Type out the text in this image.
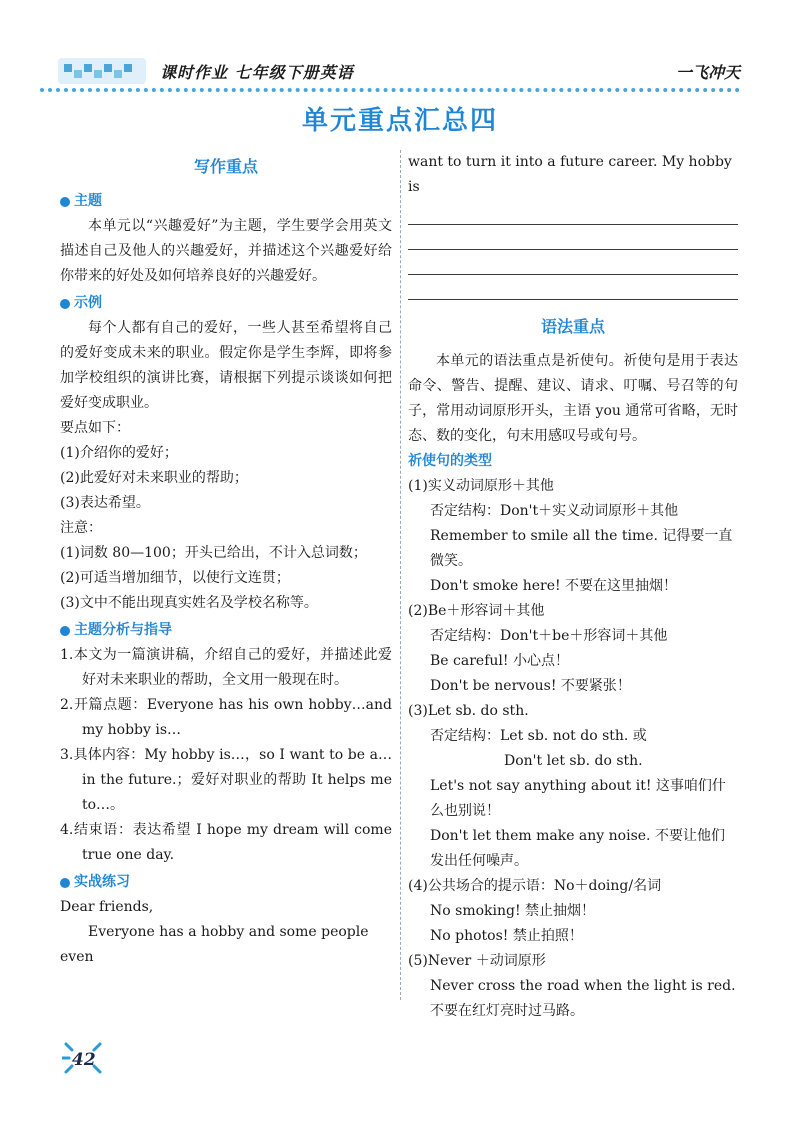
课时作业 七年级下册英语	一飞冲天
单元重点汇总四
写作重点
主题
本单元以“兴趣爱好”为主题，学生要学会用英文描述自己及他人的兴趣爱好，并描述这个兴趣爱好给你带来的好处及如何培养良好的兴趣爱好。
示例
每个人都有自己的爱好，一些人甚至希望将自己的爱好变成未来的职业。假定你是学生李辉，即将参加学校组织的演讲比赛，请根据下列提示谈谈如何把爱好变成职业。
要点如下：
(1)介绍你的爱好；
(2)此爱好对未来职业的帮助；
(3)表达希望。
注意：
(1)词数 80—100；开头已给出，不计入总词数；
(2)可适当增加细节，以使行文连贯；
(3)文中不能出现真实姓名及学校名称等。
主题分析与指导
1.本文为一篇演讲稿，介绍自己的爱好，并描述此爱好对未来职业的帮助，全文用一般现在时。
2.开篇点题：Everyone has his own hobby…and my hobby is…
3.具体内容：My hobby is…，so I want to be a…in the future.；爱好对职业的帮助 It helps me to…。
4.结束语：表达希望 I hope my dream will come true one day.
实战练习
Dear friends,
Everyone has a hobby and some people even
want to turn it into a future career. My hobby is
语法重点
本单元的语法重点是祈使句。祈使句是用于表达命令、警告、提醒、建议、请求、叮嘱、号召等的句子，常用动词原形开头，主语 you 通常可省略，无时态、数的变化，句末用感叹号或句号。
祈使句的类型
(1)实义动词原形＋其他
否定结构：Don't＋实义动词原形＋其他
Remember to smile all the time. 记得要一直微笑。
Don't smoke here! 不要在这里抽烟！
(2)Be＋形容词＋其他
否定结构：Don't＋be＋形容词＋其他
Be careful! 小心点！
Don't be nervous! 不要紧张！
(3)Let sb. do sth.
否定结构：Let sb. not do sth. 或
Don't let sb. do sth.
Let's not say anything about it! 这事咱们什么也别说！
Don't let them make any noise. 不要让他们发出任何噪声。
(4)公共场合的提示语：No＋doing/名词
No smoking! 禁止抽烟！
No photos! 禁止拍照！
(5)Never ＋动词原形
Never cross the road when the light is red. 不要在红灯亮时过马路。
42
